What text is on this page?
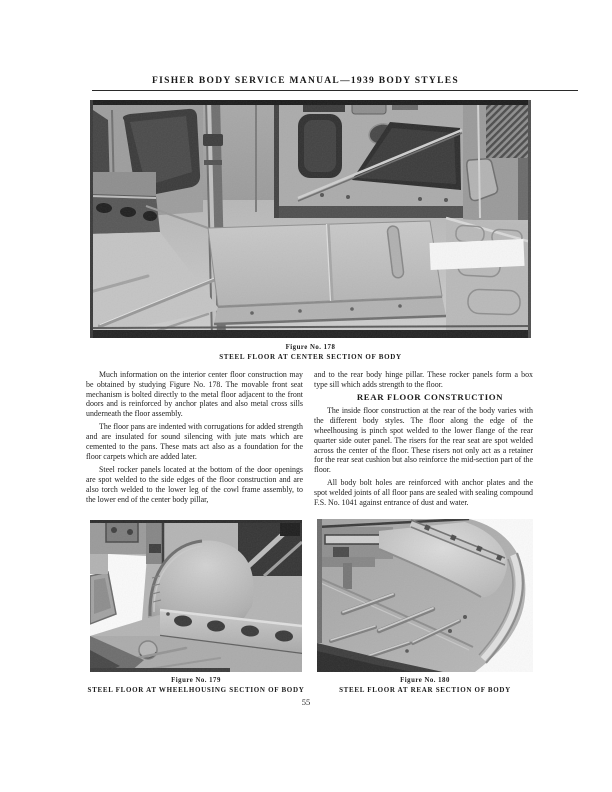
FISHER BODY SERVICE MANUAL—1939 BODY STYLES
Figure No. 178
STEEL FLOOR AT CENTER SECTION OF BODY

Much information on the interior center floor construction may be obtained by studying Figure No. 178. The movable front seat mechanism is bolted directly to the metal floor adjacent to the front doors and is reinforced by anchor plates and also metal cross sills underneath the floor assembly.

The floor pans are indented with corrugations for added strength and are insulated for sound silencing with jute mats which are cemented to the pans. These mats act also as a foundation for the floor carpets which are added later.

Steel rocker panels located at the bottom of the door openings are spot welded to the side edges of the floor construction and are also torch welded to the lower leg of the cowl frame assembly, to the lower end of the center body pillar,

and to the rear body hinge pillar. These rocker panels form a box type sill which adds strength to the floor.

REAR FLOOR CONSTRUCTION

The inside floor construction at the rear of the body varies with the different body styles. The floor along the edge of the wheelhousing is pinch spot welded to the lower flange of the rear quarter side outer panel. The risers for the rear seat are spot welded across the center of the floor. These risers not only act as a retainer for the rear seat cushion but also reinforce the mid-section part of the floor.

All body bolt holes are reinforced with anchor plates and the spot welded joints of all floor pans are sealed with sealing compound F.S. No. 1041 against entrance of dust and water.

Figure No. 179
STEEL FLOOR AT WHEELHOUSING SECTION OF BODY
Figure No. 180
STEEL FLOOR AT REAR SECTION OF BODY
55
